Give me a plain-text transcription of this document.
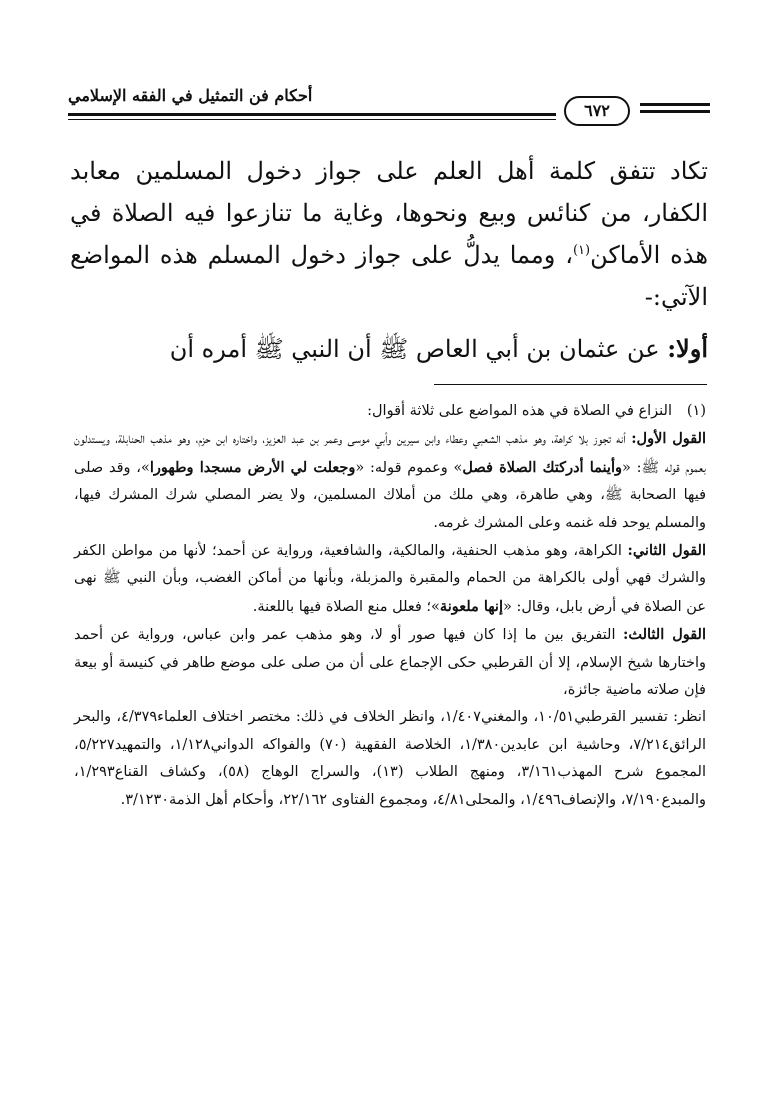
أحكام فن التمثيل في الفقه الإسلامي
٦٧٢

تكاد تتفق كلمة أهل العلم على جواز دخول المسلمين معابد الكفار، من كنائس وبيع ونحوها، وغاية ما تنازعوا فيه الصلاة في هذه الأماكن$^{(١)}$، ومما يدلُّ على جواز دخول المسلم هذه المواضع الآتي:-

أولا: عن عثمان بن أبي العاص ﷺ أن النبي ﷺ أمره أن

(١)

النزاع في الصلاة في هذه المواضع على ثلاثة أقوال:

القول الأول: أنه تجوز بلا كراهة، وهو مذهب الشعبي وعطاء وابن سيرين وأبي موسى وعمر بن عبد العزيز، واختاره ابن حزم، وهو مذهب الحنابلة، ويستدلون بعموم قوله ﷺ: «وأينما أدركتك الصلاة فصل» وعموم قوله: «وجعلت لي الأرض مسجدا وطهورا»، وقد صلى فيها الصحابة ﷺ، وهي طاهرة، وهي ملك من أملاك المسلمين، ولا يضر المصلي شرك المشرك فيها، والمسلم يوحد فله غنمه وعلى المشرك غرمه.

القول الثاني: الكراهة، وهو مذهب الحنفية، والمالكية، والشافعية، ورواية عن أحمد؛ لأنها من مواطن الكفر والشرك فهي أولى بالكراهة من الحمام والمقبرة والمزبلة، وبأنها من أماكن الغضب، وبأن النبي ﷺ نهى عن الصلاة في أرض بابل، وقال: «إنها ملعونة»؛ فعلل منع الصلاة فيها باللعنة.

القول الثالث: التفريق بين ما إذا كان فيها صور أو لا، وهو مذهب عمر وابن عباس، ورواية عن أحمد واختارها شيخ الإسلام، إلا أن القرطبي حكى الإجماع على أن من صلى على موضع طاهر في كنيسة أو بيعة فإن صلاته ماضية جائزة،

انظر: تفسير القرطبي١٠/٥١، والمغني١/٤٠٧، وانظر الخلاف في ذلك: مختصر اختلاف العلماء٤/٣٧٩، والبحر الرائق٧/٢١٤، وحاشية ابن عابدين١/٣٨٠، الخلاصة الفقهية (٧٠) والفواكه الدواني١/١٢٨، والتمهيد٥/٢٢٧، المجموع شرح المهذب٣/١٦١، ومنهج الطلاب (١٣)، والسراج الوهاج (٥٨)، وكشاف القناع١/٢٩٣، والمبدع٧/١٩٠، والإنصاف١/٤٩٦، والمحلى٤/٨١، ومجموع الفتاوى ٢٢/١٦٢، وأحكام أهل الذمة٣/١٢٣٠.
